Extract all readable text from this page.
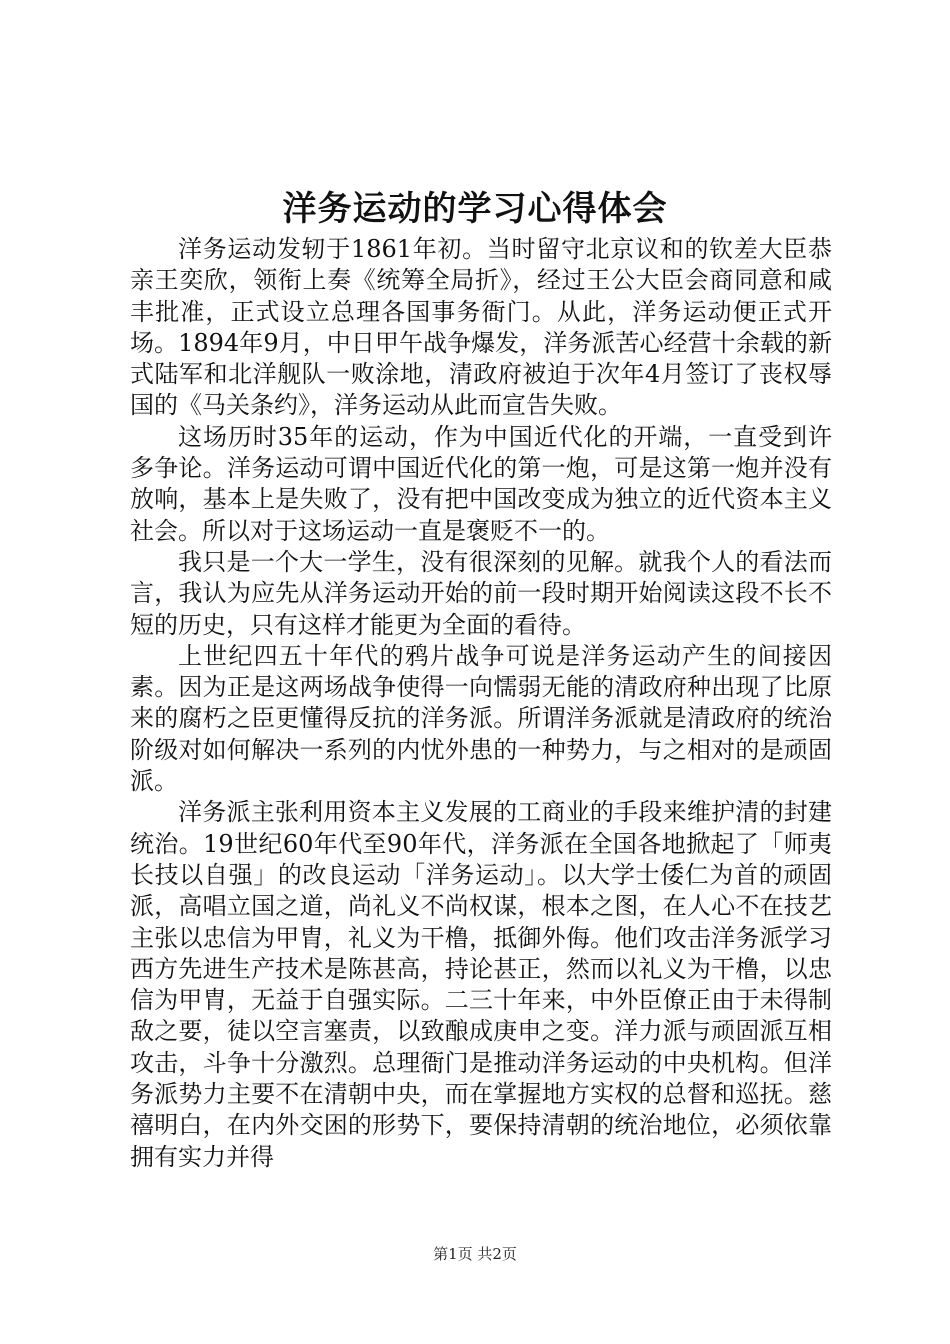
洋务运动的学习心得体会

洋务运动发轫于1861年初。当时留守北京议和的钦差大臣恭亲王奕欣，领衔上奏《统筹全局折》，经过王公大臣会商同意和咸丰批准，正式设立总理各国事务衙门。从此，洋务运动便正式开场。1894年9月，中日甲午战争爆发，洋务派苦心经营十余载的新式陆军和北洋舰队一败涂地，清政府被迫于次年4月签订了丧权辱国的《马关条约》，洋务运动从此而宣告失败。

这场历时35年的运动，作为中国近代化的开端，一直受到许多争论。洋务运动可谓中国近代化的第一炮，可是这第一炮并没有放响，基本上是失败了，没有把中国改变成为独立的近代资本主义社会。所以对于这场运动一直是褒贬不一的。

我只是一个大一学生，没有很深刻的见解。就我个人的看法而言，我认为应先从洋务运动开始的前一段时期开始阅读这段不长不短的历史，只有这样才能更为全面的看待。

上世纪四五十年代的鸦片战争可说是洋务运动产生的间接因素。因为正是这两场战争使得一向懦弱无能的清政府种出现了比原来的腐朽之臣更懂得反抗的洋务派。所谓洋务派就是清政府的统治阶级对如何解决一系列的内忧外患的一种势力，与之相对的是顽固派。

洋务派主张利用资本主义发展的工商业的手段来维护清的封建统治。19世纪60年代至90年代，洋务派在全国各地掀起了「师夷长技以自强」的改良运动「洋务运动」。以大学士倭仁为首的顽固派，高唱立国之道，尚礼义不尚权谋，根本之图，在人心不在技艺主张以忠信为甲胄，礼义为干橹，抵御外侮。他们攻击洋务派学习西方先进生产技术是陈甚高，持论甚正，然而以礼义为干橹，以忠信为甲胄，无益于自强实际。二三十年来，中外臣僚正由于未得制敌之要，徒以空言塞责，以致酿成庚申之变。洋力派与顽固派互相攻击，斗争十分激烈。总理衙门是推动洋务运动的中央机构。但洋务派势力主要不在清朝中央，而在掌握地方实权的总督和巡抚。慈禧明白，在内外交困的形势下，要保持清朝的统治地位，必须依靠拥有实力并得

第1页 共2页
